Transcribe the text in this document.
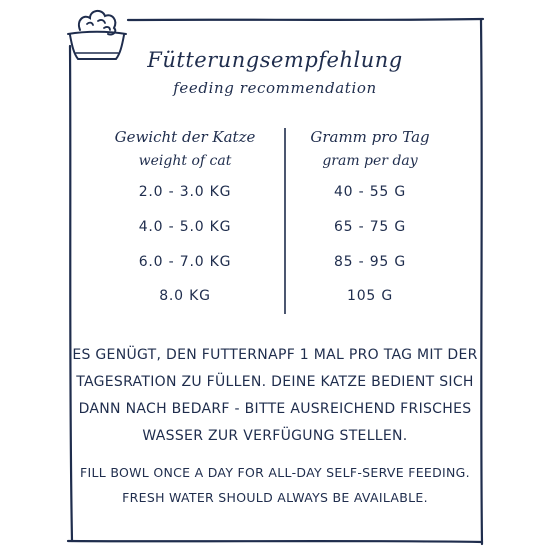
Fütterungsempfehlung
feeding recommendation
Gewicht der Katze
weight of cat
2.0 - 3.0 KG
4.0 - 5.0 KG
6.0 - 7.0 KG
8.0 KG
Gramm pro Tag
gram per day
40 - 55 G
65 - 75 G
85 - 95 G
105 G
ES GENÜGT, DEN FUTTERNAPF 1 MAL PRO TAG MIT DER TAGESRATION ZU FÜLLEN. DEINE KATZE BEDIENT SICH DANN NACH BEDARF - BITTE AUSREICHEND FRISCHES WASSER ZUR VERFÜGUNG STELLEN.
FILL BOWL ONCE A DAY FOR ALL-DAY SELF-SERVE FEEDING. FRESH WATER SHOULD ALWAYS BE AVAILABLE.
